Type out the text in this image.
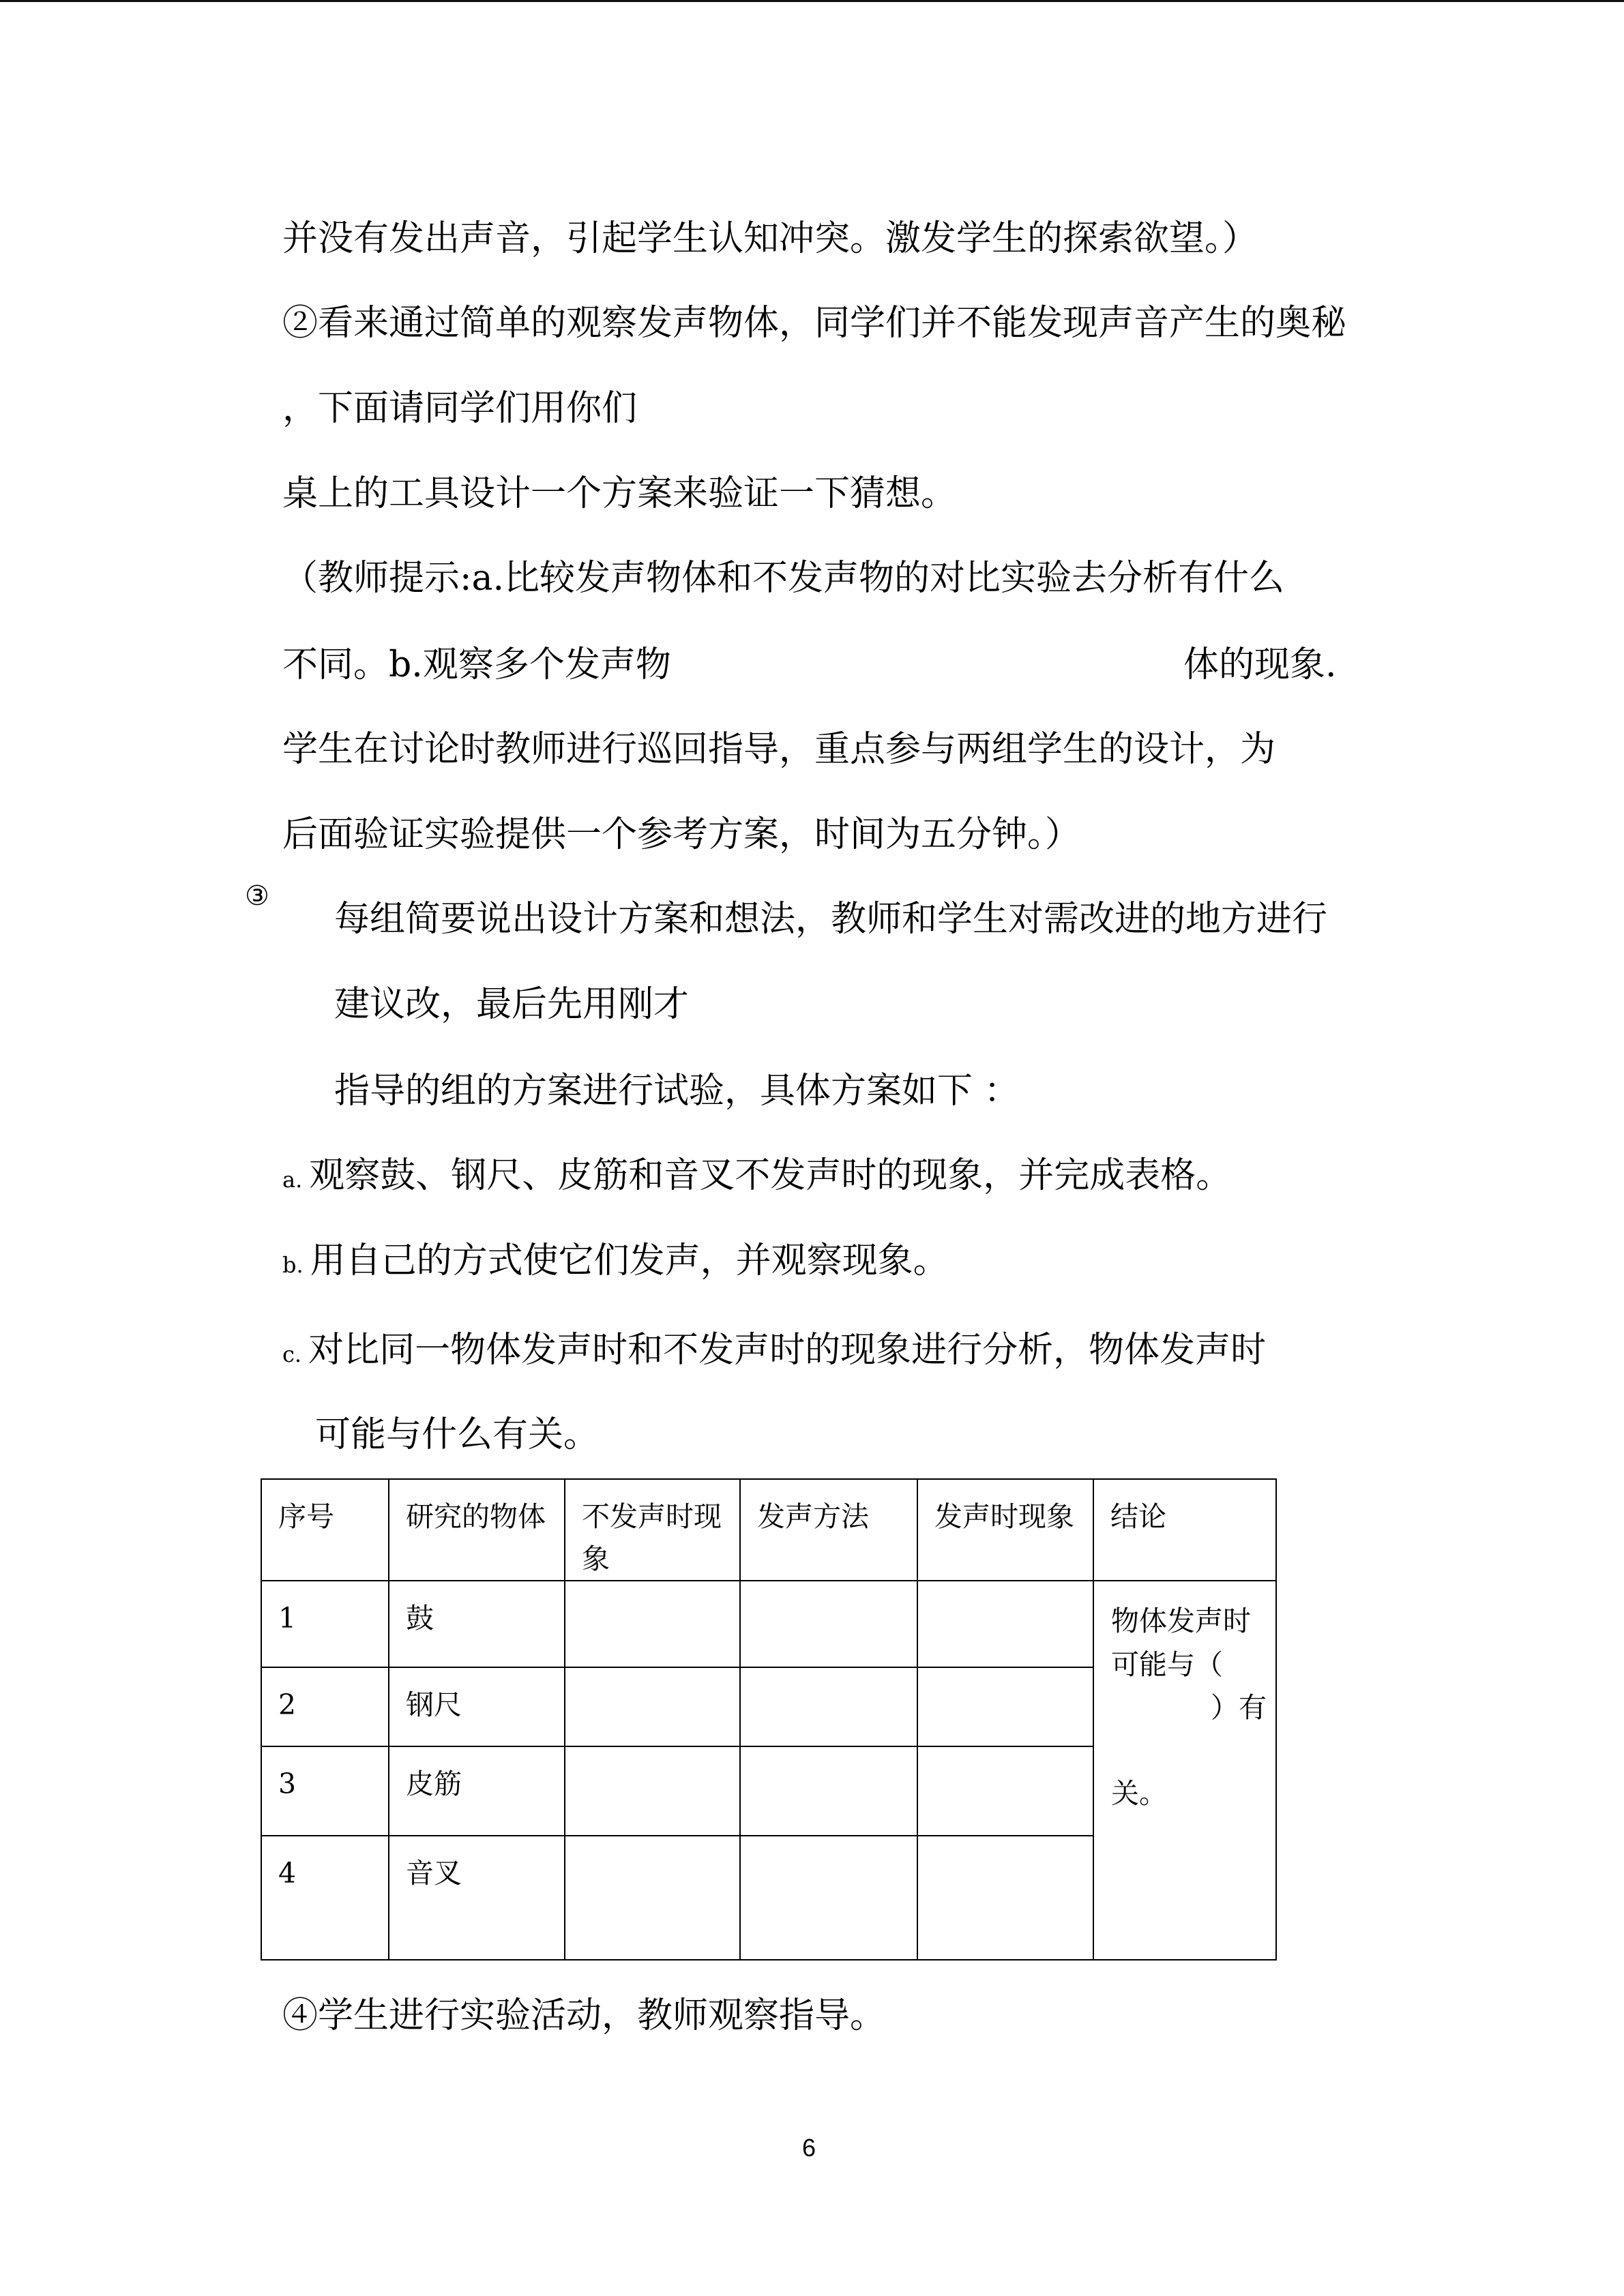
并没有发出声音，引起学生认知冲突。激发学生的探索欲望。）
②看来通过简单的观察发声物体，同学们并不能发现声音产生的奥秘
，下面请同学们用你们
桌上的工具设计一个方案来验证一下猜想。
（教师提示:a.比较发声物体和不发声物的对比实验去分析有什么
不同。b.观察多个发声物	体的现象.
学生在讨论时教师进行巡回指导，重点参与两组学生的设计，为
后面验证实验提供一个参考方案，时间为五分钟。）
③
每组简要说出设计方案和想法，教师和学生对需改进的地方进行
建议改，最后先用刚才
指导的组的方案进行试验，具体方案如下 ：
a. 观察鼓、钢尺、皮筋和音叉不发声时的现象，并完成表格。
b. 用自己的方式使它们发声，并观察现象。
c. 对比同一物体发声时和不发声时的现象进行分析，物体发声时
可能与什么有关。
序号	研究的物体	不发声时现象	发声方法	发声时现象	结论
1	鼓				物体发声时
可能与（
）有
关。

2	钢尺				
3	皮筋				
4	音叉				
④学生进行实验活动，教师观察指导。
6
